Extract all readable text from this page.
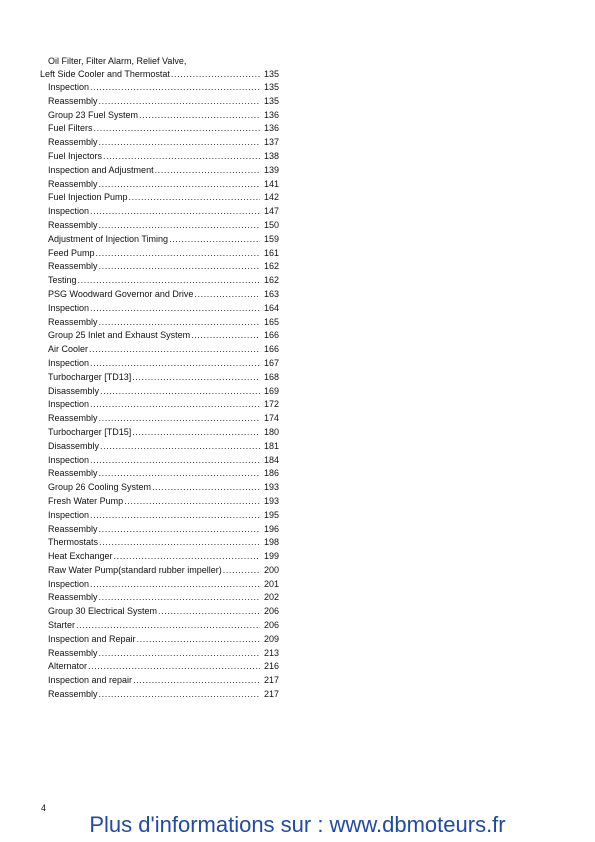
Oil Filter, Filter Alarm, Relief Valve,
Left Side Cooler and Thermostat .....	135
Inspection .....	135
Reassembly .....	135
Group 23 Fuel System .....	136
Fuel Filters .....	136
Reassembly .....	137
Fuel Injectors .....	138
Inspection and Adjustment .....	139
Reassembly .....	141
Fuel Injection Pump .....	142
Inspection .....	147
Reassembly .....	150
Adjustment of Injection Timing .....	159
Feed Pump .....	161
Reassembly .....	162
Testing .....	162
PSG Woodward Governor and Drive .....	163
Inspection .....	164
Reassembly .....	165
Group 25 Inlet and Exhaust System .....	166
Air Cooler .....	166
Inspection .....	167
Turbocharger [TD13] .....	168
Disassembly .....	169
Inspection .....	172
Reassembly .....	174
Turbocharger [TD15] .....	180
Disassembly .....	181
Inspection .....	184
Reassembly .....	186
Group 26 Cooling System .....	193
Fresh Water Pump .....	193
Inspection .....	195
Reassembly .....	196
Thermostats .....	198
Heat Exchanger .....	199
Raw Water Pump(standard rubber impeller) .....	200
Inspection .....	201
Reassembly .....	202
Group 30 Electrical System .....	206
Starter .....	206
Inspection and Repair .....	209
Reassembly .....	213
Alternator .....	216
Inspection and repair .....	217
Reassembly .....	217
4
Plus d'informations sur : www.dbmoteurs.fr
